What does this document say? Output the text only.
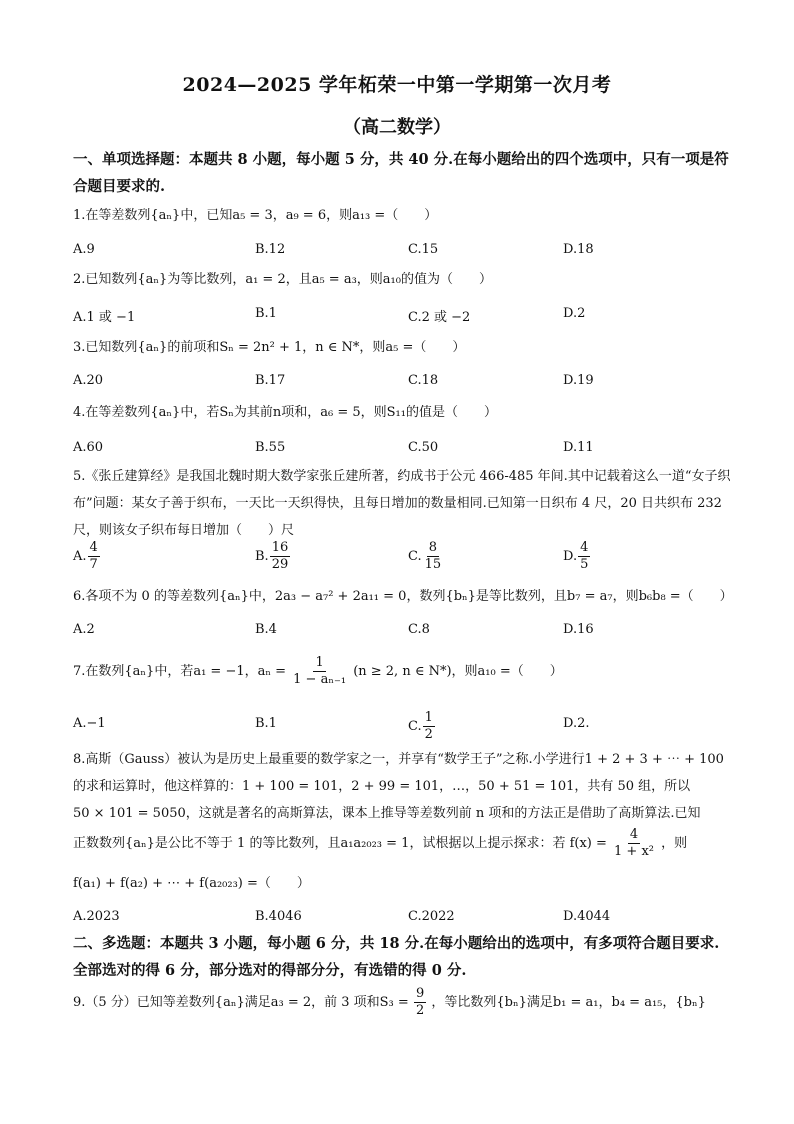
2024—2025 学年柘荣一中第一学期第一次月考
（高二数学）
一、单项选择题：本题共 8 小题，每小题 5 分，共 40 分.在每小题给出的四个选项中，只有一项是符合题目要求的.
1.在等差数列{aₙ}中，已知a₅ = 3，a₉ = 6，则a₁₃ =（　　）
A.9	B.12	C.15	D.18
2.已知数列{aₙ}为等比数列，a₁ = 2，且a₅ = a₃，则a₁₀的值为（　　）
A.1 或 −1	B.1	C.2 或 −2	D.2
3.已知数列{aₙ}的前项和Sₙ = 2n² + 1，n ∈ N*，则a₅ =（　　）
A.20	B.17	C.18	D.19
4.在等差数列{aₙ}中，若Sₙ为其前n项和，a₆ = 5，则S₁₁的值是（　　）
A.60	B.55	C.50	D.11
5.《张丘建算经》是我国北魏时期大数学家张丘建所著，约成书于公元 466-485 年间.其中记载着这么一道“女子织布”问题：某女子善于织布，一天比一天织得快，且每日增加的数量相同.已知第一日织布 4 尺，20 日共织布 232 尺，则该女子织布每日增加（　　）尺
A. $\frac{4}{7}$	B. $\frac{16}{29}$	C. $\frac{8}{15}$	D. $\frac{4}{5}$
6.各项不为 0 的等差数列{aₙ}中，2a₃ − a₇² + 2a₁₁ = 0，数列{bₙ}是等比数列，且b₇ = a₇，则b₆b₈ =（　　）
A.2	B.4	C.8	D.16
7.在数列{aₙ}中，若a₁ = −1，$a_n = \frac{1}{\text{1 − aₙ₋₁}} (n \ge 2$, n ∈ N*)，则a₁₀ =（　　）
A.−1	B.1	C. $\frac{1}{2}$	D.2.
8.高斯（Gauss）被认为是历史上最重要的数学家之一，并享有“数学王子”之称.小学进行1 + 2 + 3 + ⋯ + 100
的求和运算时，他这样算的：1 + 100 = 101，2 + 99 = 101，…，50 + 51 = 101，共有 50 组，所以
50 × 101 = 5050，这就是著名的高斯算法，课本上推导等差数列前 n 项和的方法正是借助了高斯算法.已知
正数数列{aₙ}是公比不等于 1 的等比数列，且a₁a₂₀₂₃ = 1，试根据以上提示探求：若 $f(x) = \frac{4}{\text{1 + x²}}$ ，则
f(a₁) + f(a₂) + ⋯ + f(a₂₀₂₃) =（　　）
A.2023	B.4046	C.2022	D.4044
二、多选题：本题共 3 小题，每小题 6 分，共 18 分.在每小题给出的选项中，有多项符合题目要求.全部选对的得 6 分，部分选对的得部分分，有选错的得 0 分.
9.（5 分）已知等差数列{aₙ}满足a₃ = 2，前 3 项和$S_3 = \frac{9}{2}$ ，等比数列{bₙ}满足b₁ = a₁，b₄ = a₁₅，{bₙ}
